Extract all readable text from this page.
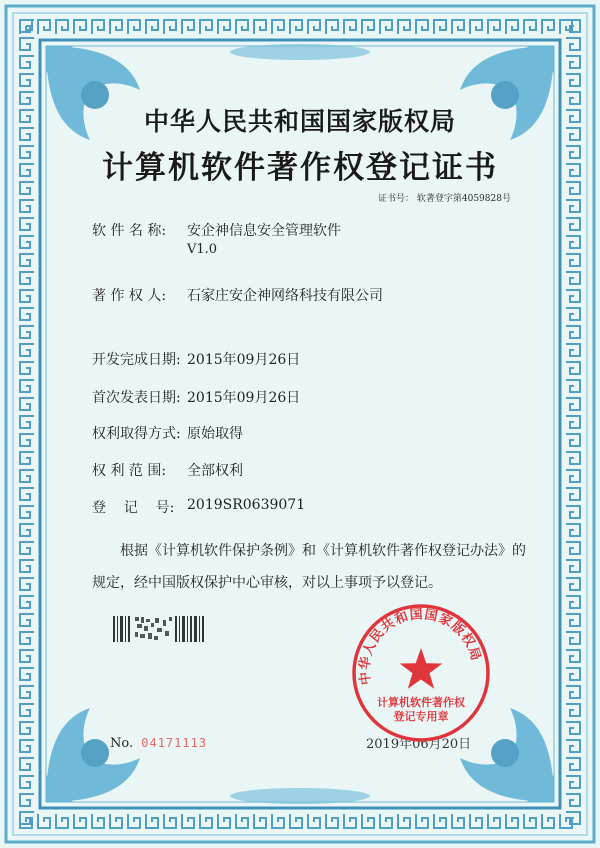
中华人民共和国国家版权局
计算机软件著作权登记证书
证书号： 软著登字第4059828号
软 件 名 称: 安企神信息安全管理软件
V1.0
著 作 权 人: 石家庄安企神网络科技有限公司
开发完成日期: 2015年09月26日
首次发表日期: 2015年09月26日
权利取得方式: 原始取得
权 利 范 围: 全部权利
登    记    号: 2019SR0639071
根据《计算机软件保护条例》和《计算机软件著作权登记办法》的
规定，经中国版权保护中心审核，对以上事项予以登记。
No. 04171113	2019年06月20日
中华人民共和国国家版权局
计算机软件著作权
登记专用章
